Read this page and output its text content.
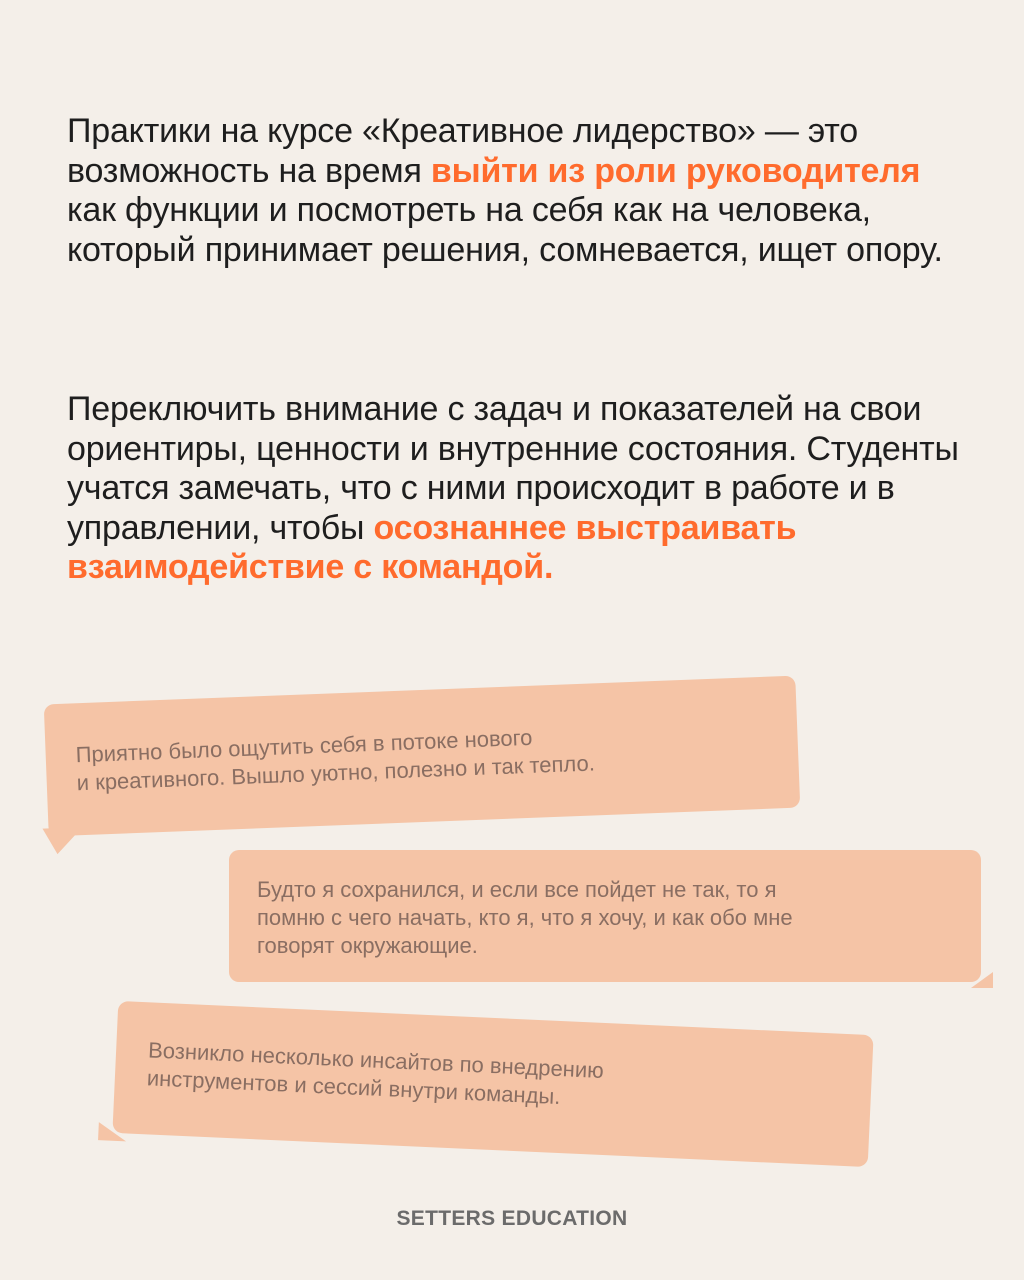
Практики на курсе «Креативное лидерство» — это возможность на время выйти из роли руководителя как функции и посмотреть на себя как на человека, который принимает решения, сомневается, ищет опору.
Переключить внимание с задач и показателей на свои ориентиры, ценности и внутренние состояния. Студенты учатся замечать, что с ними происходит в работе и в управлении, чтобы осознаннее выстраивать взаимодействие с командой.
Приятно было ощутить себя в потоке нового
и креативного. Вышло уютно, полезно и так тепло.
Будто я сохранился, и если все пойдет не так, то я
помню с чего начать, кто я, что я хочу, и как обо мне
говорят окружающие.
Возникло несколько инсайтов по внедрению
инструментов и сессий внутри команды.
SETTERS EDUCATION
